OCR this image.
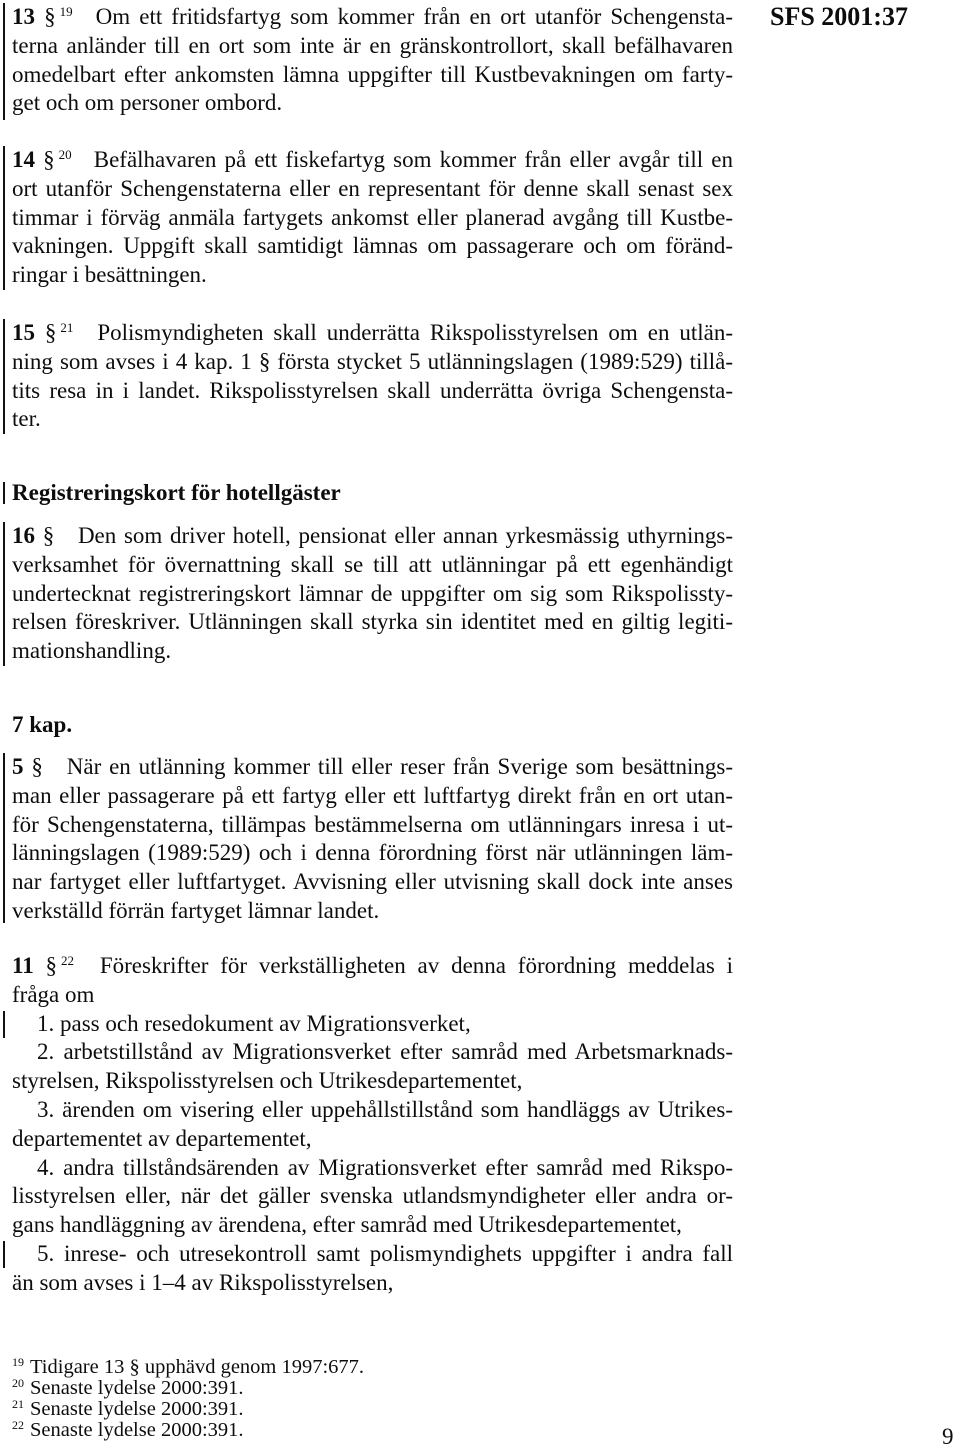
SFS 2001:37
13 § $^{19}$ Om ett fritidsfartyg som kommer från en ort utanför Schengensta-
terna anländer till en ort som inte är en gränskontrollort, skall befälhavaren
omedelbart efter ankomsten lämna uppgifter till Kustbevakningen om farty-
get och om personer ombord.
14 § $^{20}$ Befälhavaren på ett fiskefartyg som kommer från eller avgår till en
ort utanför Schengenstaterna eller en representant för denne skall senast sex
timmar i förväg anmäla fartygets ankomst eller planerad avgång till Kustbe-
vakningen. Uppgift skall samtidigt lämnas om passagerare och om föränd-
ringar i besättningen.
15 § $^{21}$ Polismyndigheten skall underrätta Rikspolisstyrelsen om en utlän-
ning som avses i 4 kap. 1 § första stycket 5 utlänningslagen (1989:529) tillå-
tits resa in i landet. Rikspolisstyrelsen skall underrätta övriga Schengensta-
ter.
Registreringskort för hotellgäster
16 § Den som driver hotell, pensionat eller annan yrkesmässig uthyrnings-
verksamhet för övernattning skall se till att utlänningar på ett egenhändigt
undertecknat registreringskort lämnar de uppgifter om sig som Rikspolissty-
relsen föreskriver. Utlänningen skall styrka sin identitet med en giltig legiti-
mationshandling.
7 kap.
5 § När en utlänning kommer till eller reser från Sverige som besättnings-
man eller passagerare på ett fartyg eller ett luftfartyg direkt från en ort utan-
för Schengenstaterna, tillämpas bestämmelserna om utlänningars inresa i ut-
länningslagen (1989:529) och i denna förordning först när utlänningen läm-
nar fartyget eller luftfartyget. Avvisning eller utvisning skall dock inte anses
verkställd förrän fartyget lämnar landet.
11 § $^{22}$ Föreskrifter för verkställigheten av denna förordning meddelas i
fråga om
1. pass och resedokument av Migrationsverket,
2. arbetstillstånd av Migrationsverket efter samråd med Arbetsmarknads-
styrelsen, Rikspolisstyrelsen och Utrikesdepartementet,
3. ärenden om visering eller uppehållstillstånd som handläggs av Utrikes-
departementet av departementet,
4. andra tillståndsärenden av Migrationsverket efter samråd med Rikspo-
lisstyrelsen eller, när det gäller svenska utlandsmyndigheter eller andra or-
gans handläggning av ärendena, efter samråd med Utrikesdepartementet,
5. inrese- och utresekontroll samt polismyndighets uppgifter i andra fall
än som avses i 1–4 av Rikspolisstyrelsen,
$^{19}$ Tidigare 13 § upphävd genom 1997:677.
$^{20}$ Senaste lydelse 2000:391.
$^{21}$ Senaste lydelse 2000:391.
$^{22}$ Senaste lydelse 2000:391.	9
